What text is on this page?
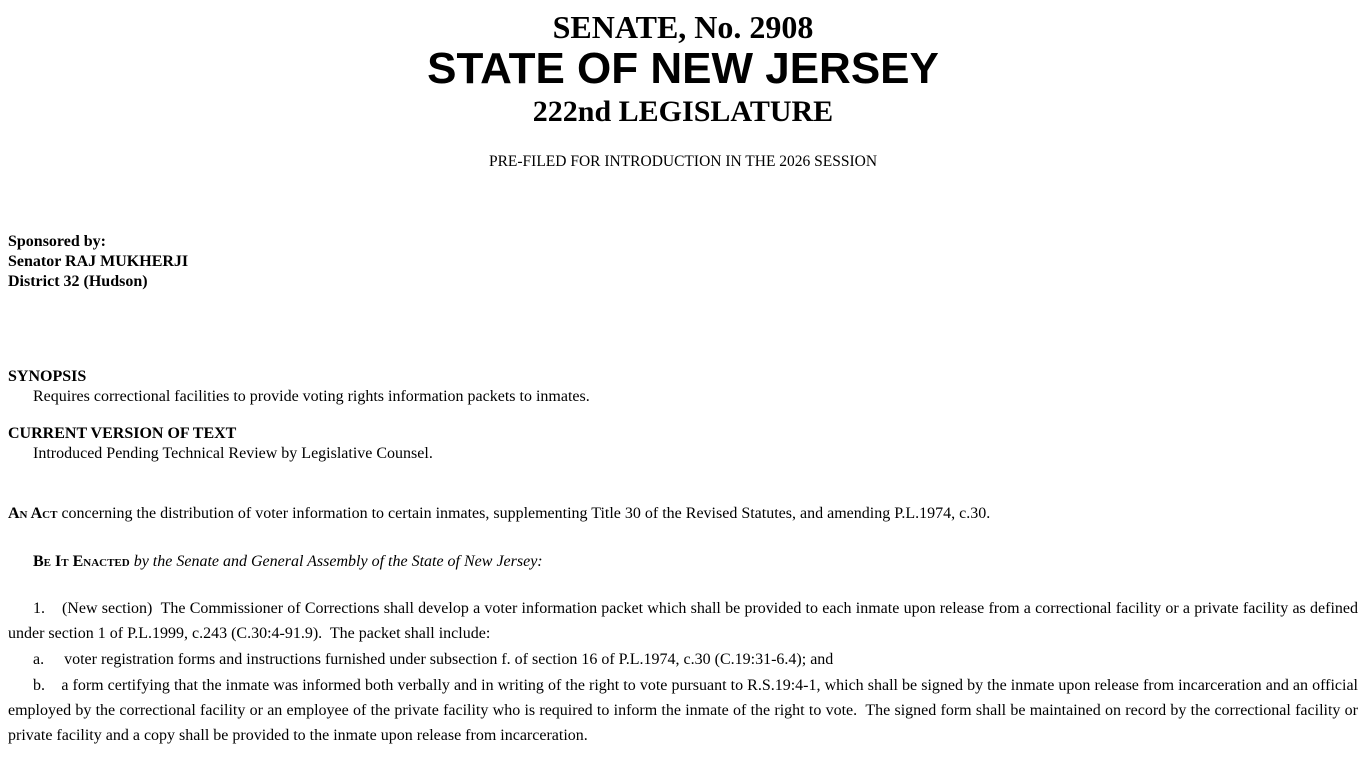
SENATE, No. 2908
STATE OF NEW JERSEY
222nd LEGISLATURE
PRE-FILED FOR INTRODUCTION IN THE 2026 SESSION
Sponsored by:
Senator RAJ MUKHERJI
District 32 (Hudson)
SYNOPSIS
Requires correctional facilities to provide voting rights information packets to inmates.
CURRENT VERSION OF TEXT
Introduced Pending Technical Review by Legislative Counsel.

An Act concerning the distribution of voter information to certain inmates, supplementing Title 30 of the Revised Statutes, and amending P.L.1974, c.30.

Be It Enacted by the Senate and General Assembly of the State of New Jersey:

1.    (New section)  The Commissioner of Corrections shall develop a voter information packet which shall be provided to each inmate upon release from a correctional facility or a private facility as defined under section 1 of P.L.1999, c.243 (C.30:4-91.9).  The packet shall include:

a.     voter registration forms and instructions furnished under subsection f. of section 16 of P.L.1974, c.30 (C.19:31-6.4); and

b.    a form certifying that the inmate was informed both verbally and in writing of the right to vote pursuant to R.S.19:4-1, which shall be signed by the inmate upon release from incarceration and an official employed by the correctional facility or an employee of the private facility who is required to inform the inmate of the right to vote.  The signed form shall be maintained on record by the correctional facility or private facility and a copy shall be provided to the inmate upon release from incarceration.
